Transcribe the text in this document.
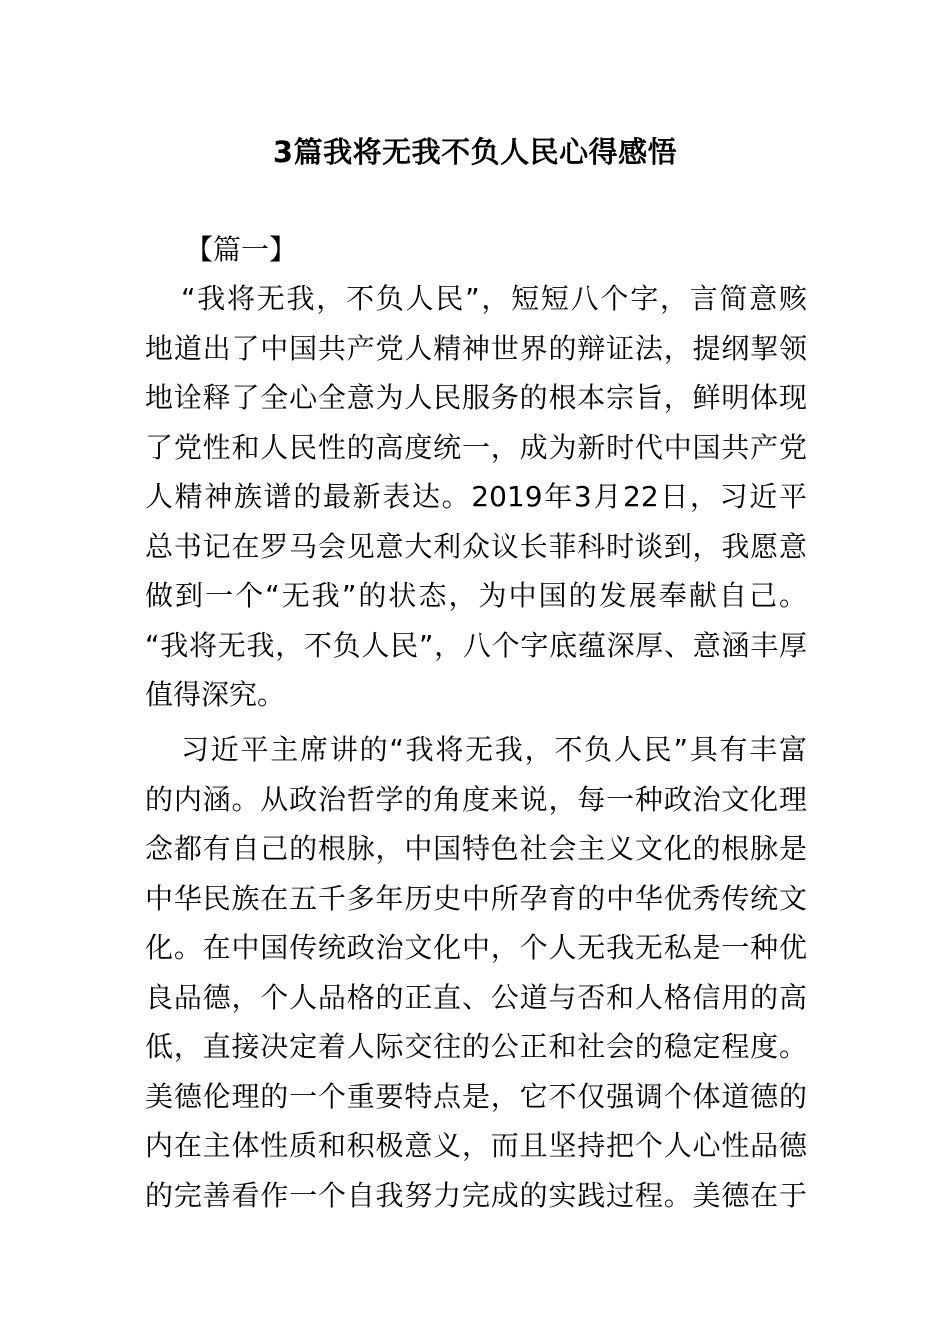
3篇我将无我不负人民心得感悟
【篇一】
“我将无我，不负人民”，短短八个字，言简意赅
地道出了中国共产党人精神世界的辩证法，提纲挈领
地诠释了全心全意为人民服务的根本宗旨，鲜明体现
了党性和人民性的高度统一，成为新时代中国共产党
人精神族谱的最新表达。2019年3月22日，习近平
总书记在罗马会见意大利众议长菲科时谈到，我愿意
做到一个“无我”的状态，为中国的发展奉献自己。
“我将无我，不负人民”，八个字底蕴深厚、意涵丰厚
值得深究。
习近平主席讲的“我将无我，不负人民”具有丰富
的内涵。从政治哲学的角度来说，每一种政治文化理
念都有自己的根脉，中国特色社会主义文化的根脉是
中华民族在五千多年历史中所孕育的中华优秀传统文
化。在中国传统政治文化中，个人无我无私是一种优
良品德，个人品格的正直、公道与否和人格信用的高
低，直接决定着人际交往的公正和社会的稳定程度。
美德伦理的一个重要特点是，它不仅强调个体道德的
内在主体性质和积极意义，而且坚持把个人心性品德
的完善看作一个自我努力完成的实践过程。美德在于
